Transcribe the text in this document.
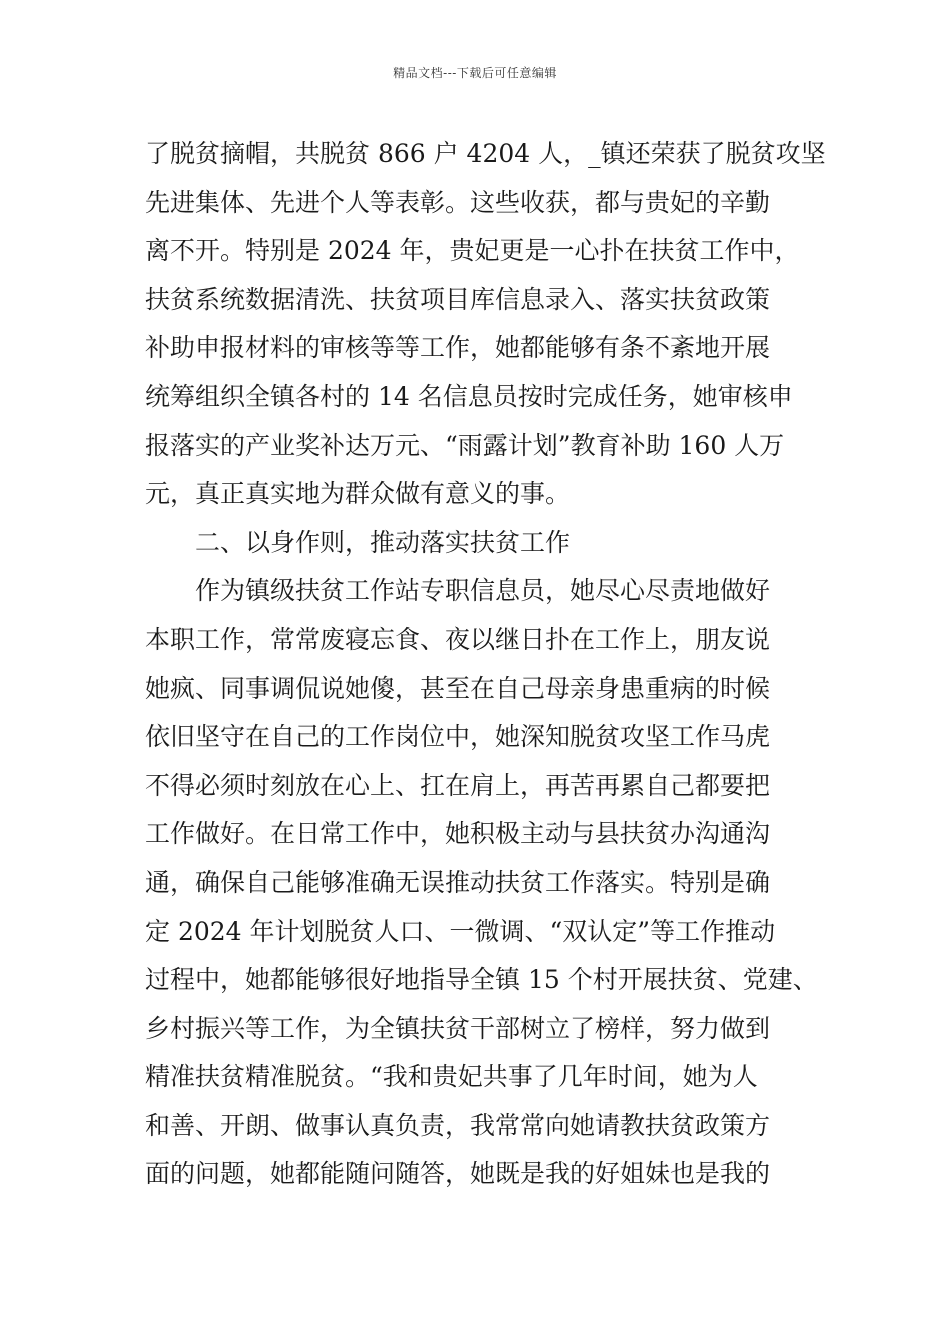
精品文档---下载后可任意编辑
了脱贫摘帽，共脱贫 866 户 4204 人，_镇还荣获了脱贫攻坚
先进集体、先进个人等表彰。这些收获，都与贵妃的辛勤
离不开。特别是 2024 年，贵妃更是一心扑在扶贫工作中，
扶贫系统数据清洗、扶贫项目库信息录入、落实扶贫政策
补助申报材料的审核等等工作，她都能够有条不紊地开展
统筹组织全镇各村的 14 名信息员按时完成任务，她审核申
报落实的产业奖补达万元、“雨露计划”教育补助 160 人万
元，真正真实地为群众做有意义的事。
二、以身作则，推动落实扶贫工作
作为镇级扶贫工作站专职信息员，她尽心尽责地做好
本职工作，常常废寝忘食、夜以继日扑在工作上，朋友说
她疯、同事调侃说她傻，甚至在自己母亲身患重病的时候
依旧坚守在自己的工作岗位中，她深知脱贫攻坚工作马虎
不得必须时刻放在心上、扛在肩上，再苦再累自己都要把
工作做好。在日常工作中，她积极主动与县扶贫办沟通沟
通，确保自己能够准确无误推动扶贫工作落实。特别是确
定 2024 年计划脱贫人口、一微调、“双认定”等工作推动
过程中，她都能够很好地指导全镇 15 个村开展扶贫、党建、
乡村振兴等工作，为全镇扶贫干部树立了榜样，努力做到
精准扶贫精准脱贫。“我和贵妃共事了几年时间，她为人
和善、开朗、做事认真负责，我常常向她请教扶贫政策方
面的问题，她都能随问随答，她既是我的好姐妹也是我的
